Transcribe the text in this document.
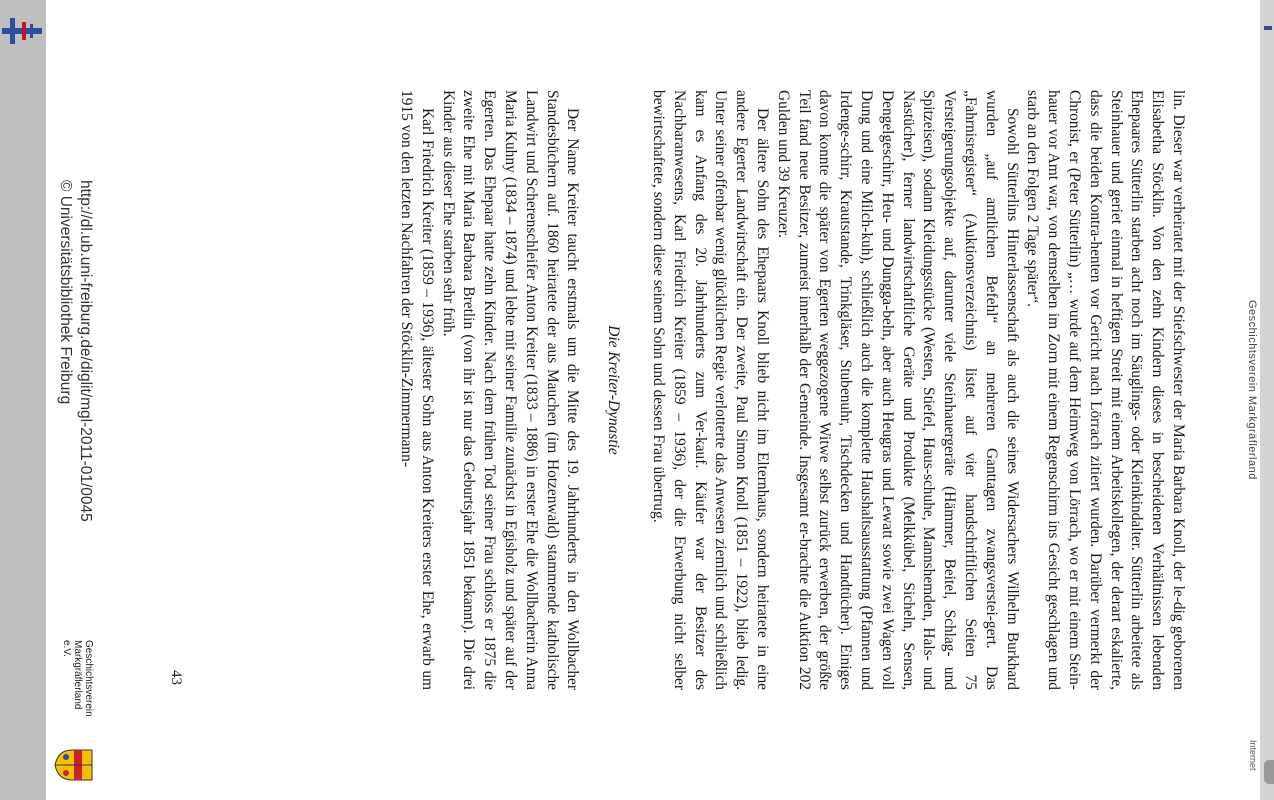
Geschichtsverein Markgräflerland
Internet

lin. Dieser war verheiratet mit der Stiefschwester der Maria Barbara Knoll, der le-dig geborenen Elisabetha Stöcklin. Von den zehn Kindern dieses in bescheidenen Verhältnissen lebenden Ehepaares Sütterlin starben acht noch im Säuglings- oder Kleinkindalter. Sütterlin arbeitete als Steinhauer und geriet einmal in heftigen Streit mit einem Arbeitskollegen, der derart eskalierte, dass die beiden Kontra-henten vor Gericht nach Lörrach zitiert wurden. Darüber vermerkt der Chronist, er (Peter Sütterlin) „… wurde auf dem Heimweg von Lörrach, wo er mit einem Stein-hauer vor Amt war, von demselben im Zorn mit einem Regenschirm ins Gesicht geschlagen und starb an den Folgen 2 Tage später“.

Sowohl Sütterlins Hinterlassenschaft als auch die seines Widersachers Wilhelm Burkhard wurden „auf amtlichen Befehl“ an mehreren Ganttagen zwangsverstei-gert. Das „Fahrnisregister“ (Auktionsverzeichnis) listet auf vier handschriftlichen Seiten 75 Versteigerungsobjekte auf, darunter viele Steinhauergeräte (Hämmer, Beitel, Schlag- und Spitzeisen), sodann Kleidungsstücke (Westen, Stiefel, Haus-schuhe, Mannshemden, Hals- und Nastücher), ferner landwirtschaftliche Geräte und Produkte (Melkkübel, Sicheln, Sensen, Dengelgeschirr, Heu- und Dungga-beln, aber auch Heugras und Lewatt sowie zwei Wagen voll Dung und eine Milch-kuh), schließlich auch die komplette Haushaltsausstattung (Pfannen und Irdenge-schirr, Krautstande, Trinkgläser, Stubenuhr, Tischdecken und Handtücher). Einiges davon konnte die später von Egerten weggezogene Witwe selbst zurück erwerben, der größte Teil fand neue Besitzer, zumeist innerhalb der Gemeinde. Insgesamt er-brachte die Auktion 202 Gulden und 39 Kreuzer.

Der ältere Sohn des Ehepaars Knoll blieb nicht im Elternhaus, sondern heiratete in eine andere Egerter Landwirtschaft ein. Der zweite, Paul Simon Knoll (1851 – 1922), blieb ledig. Unter seiner offenbar wenig glücklichen Regie verlotterte das Anwesen ziemlich und schließlich kam es Anfang des 20. Jahrhunderts zum Ver-kauf. Käufer war der Besitzer des Nachbaranwesens, Karl Friedrich Kreiter (1859 – 1936), der die Erwerbung nicht selber bewirtschaftete, sondern diese seinem Sohn und dessen Frau übertrug.

Die Kreiter-Dynastie

Der Name Kreiter taucht erstmals um die Mitte des 19. Jahrhunderts in den Wollbacher Standesbüchern auf. 1860 heiratete der aus Mauchen (im Hotzenwald) stammende katholische Landwirt und Scherenschleifer Anton Kreiter (1833 – 1886) in erster Ehe die Wollbacherin Anna Maria Kuhny (1834 – 1874) und lebte mit seiner Familie zunächst in Egisholz und später auf der Egerten. Das Ehepaar hatte zehn Kinder. Nach dem frühen Tod seiner Frau schloss er 1875 die zweite Ehe mit Maria Barbara Bretlin (von ihr ist nur das Geburtsjahr 1851 bekannt). Die drei Kinder aus dieser Ehe starben sehr früh.

Karl Friedrich Kreiter (1859 – 1936), ältester Sohn aus Anton Kreiters erster Ehe, erwarb um 1915 von den letzten Nachfahren der Stöcklin-Zimmermann-

43
http://dl.ub.uni-freiburg.de/diglit/mgl-2011-01/0045
© Universitätsbibliothek Freiburg
Geschichtsverein
Markgräflerland e.V.
